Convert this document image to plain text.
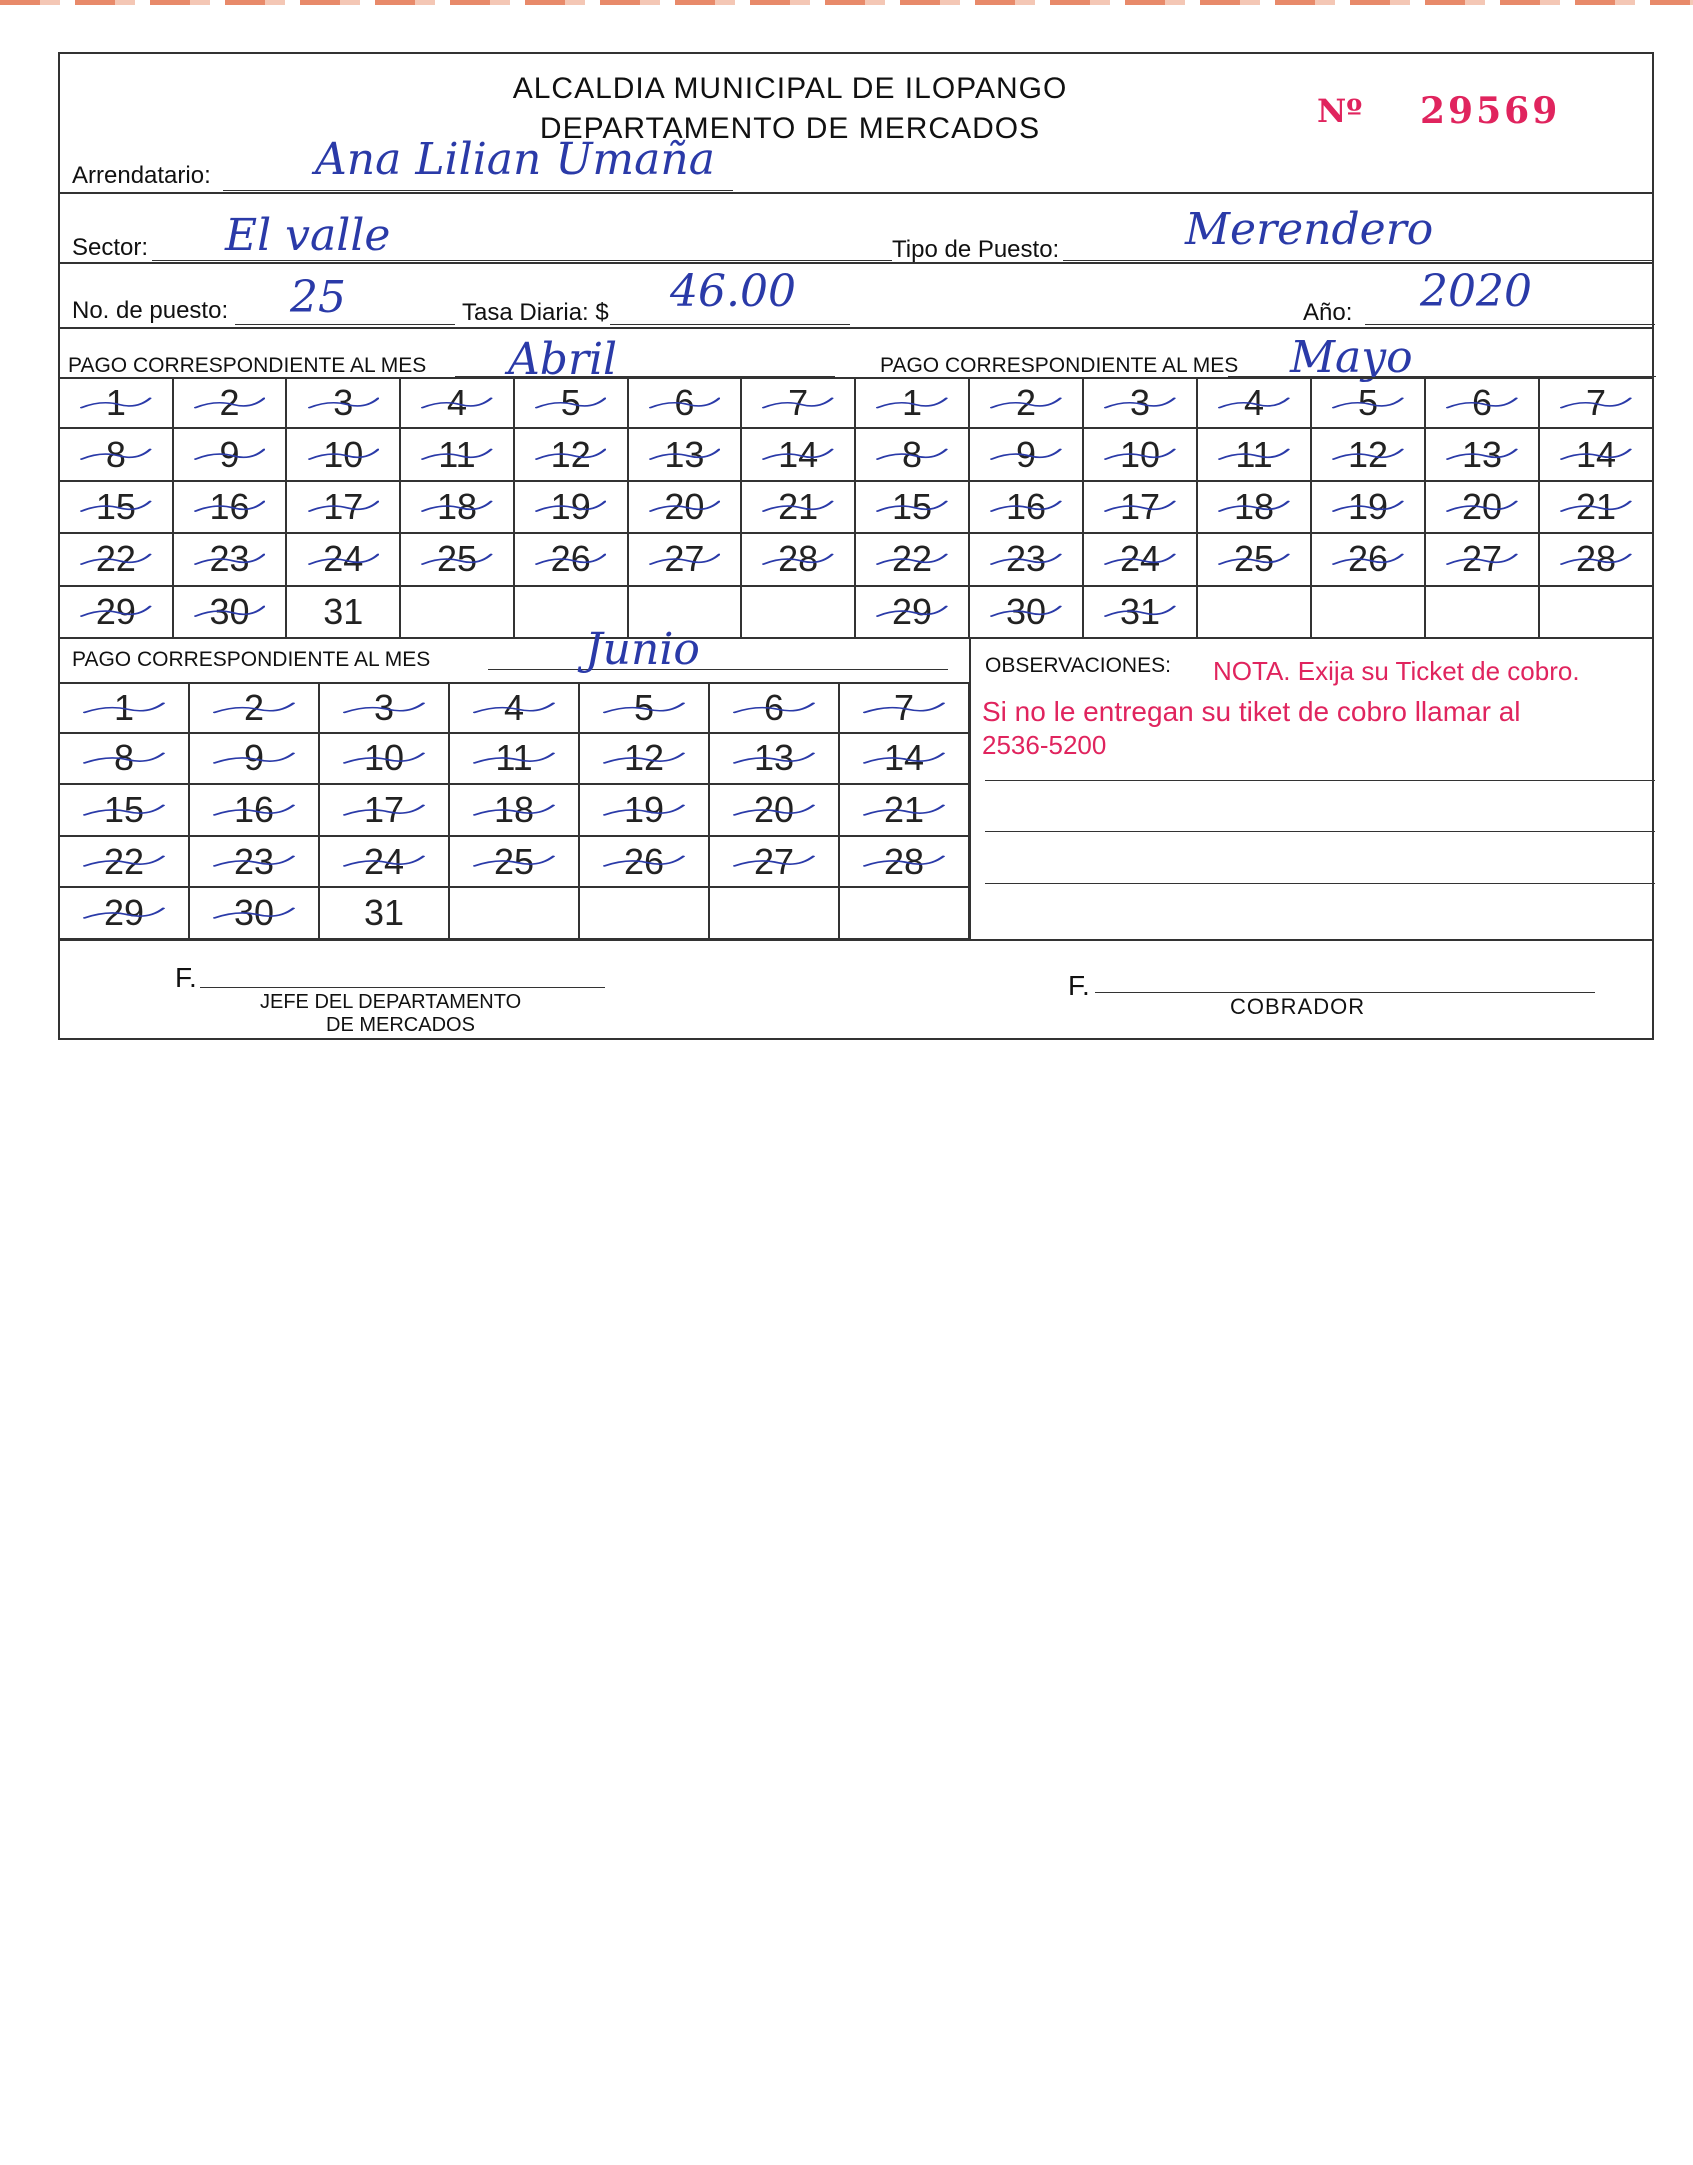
ALCALDIA MUNICIPAL DE ILOPANGO
DEPARTAMENTO DE MERCADOS	Nº 29569
Arrendatario: Ana Lilian Umaña
Sector: El valle	Tipo de Puesto:	Merendero
No. de puesto: 25	Tasa Diaria: $ 46.00	Año: 2020
PAGO CORRESPONDIENTE AL MES Abril	PAGO CORRESPONDIENTE AL MES Mayo
1	2	3	4	5	6	7
8	9 10 11 12 13 14
15 16 17 18 19 20 21
22 23 24 25 26 27 28
29 30 31
1	2	3	4	5	6	7
8	9 10 11 12 13 14
15 16 17 18 19 20 21
22 23 24 25 26 27 28
29 30 31
PAGO CORRESPONDIENTE AL MES	Junio
1	2	3	4	5	6	7
8	9	10	11	12 13 14
15 16 17 18 19 20 21
22 23 24 25 26 27 28
29 30 31
OBSERVACIONES: NOTA. Exija su Ticket de cobro.
Si no le entregan su tiket de cobro llamar al
2536-5200
F.
JEFE DEL DEPARTAMENTO
DE MERCADOS
F.
COBRADOR
